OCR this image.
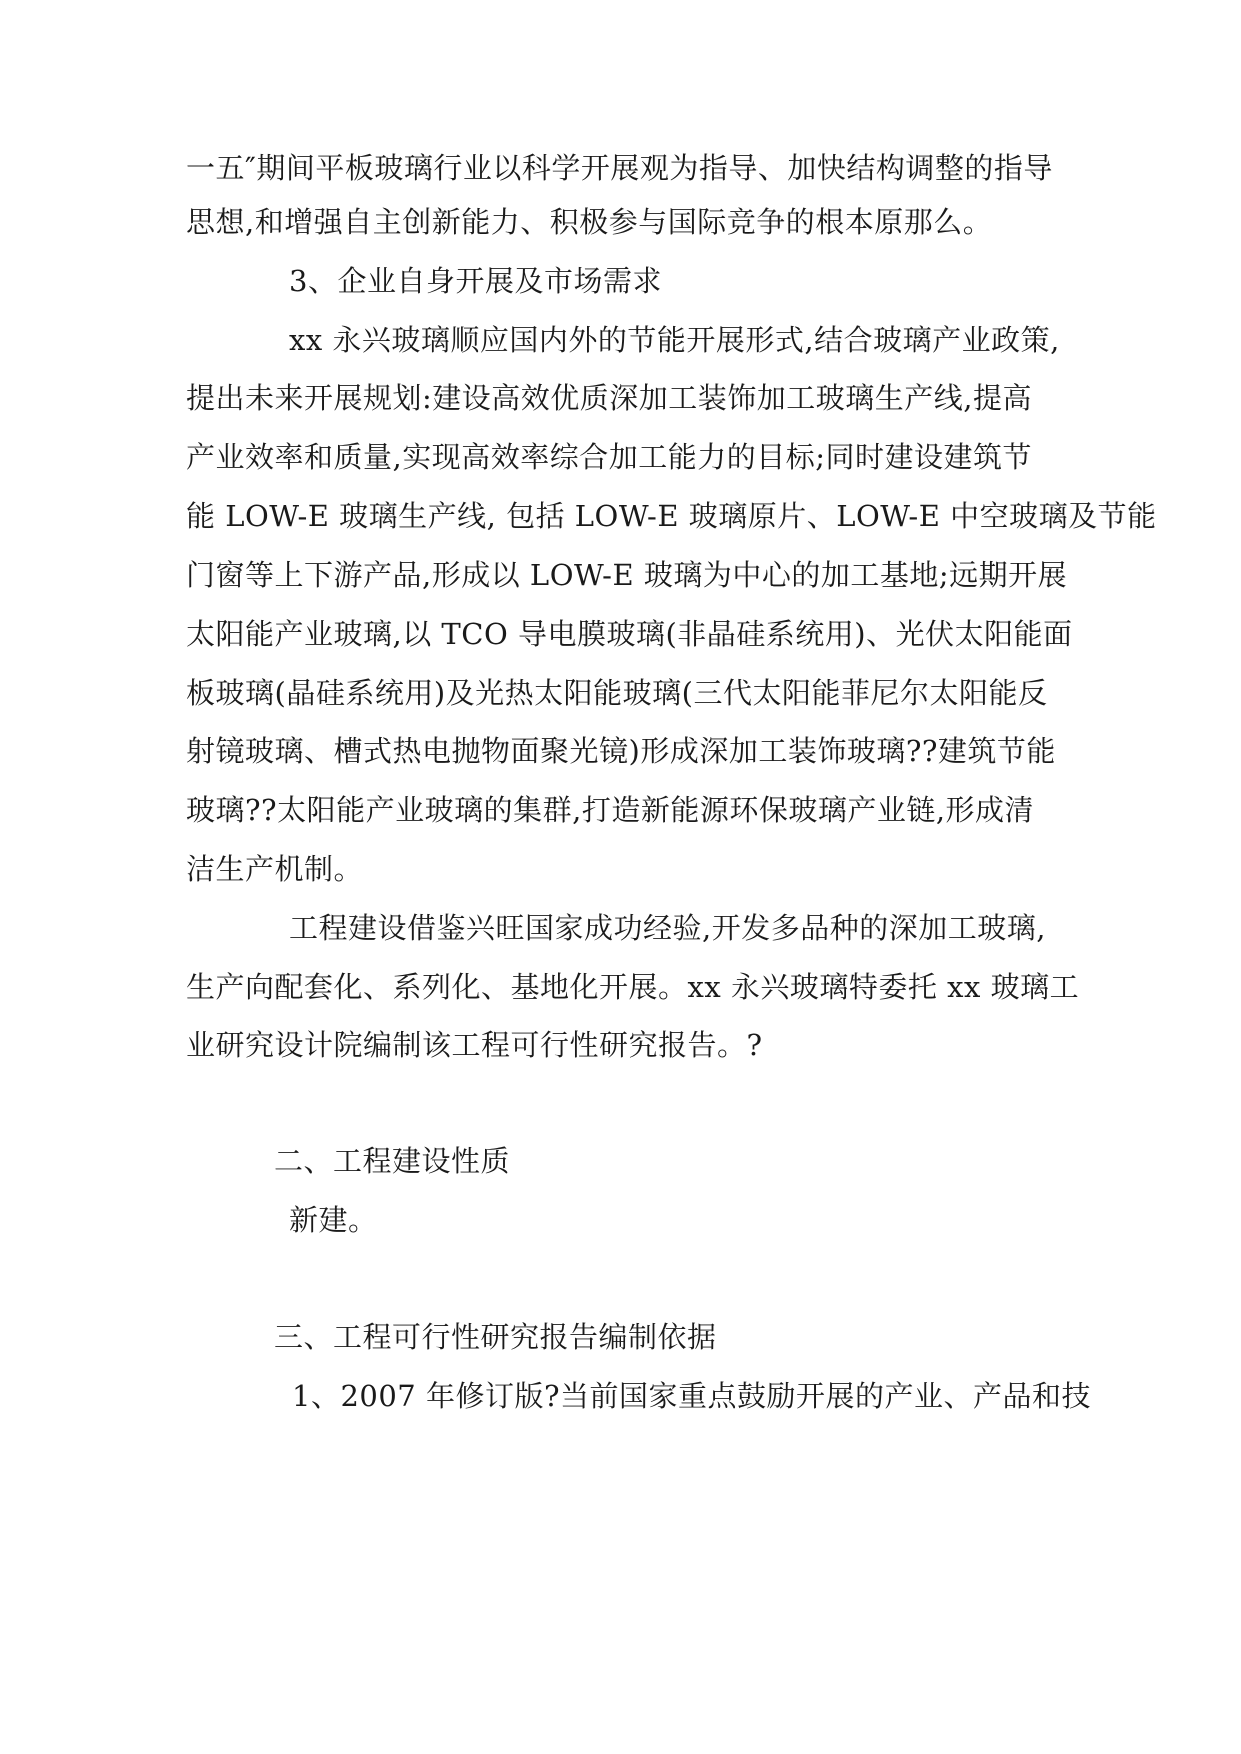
一五″期间平板玻璃行业以科学开展观为指导、加快结构调整的指导

思想,和增强自主创新能力、积极参与国际竞争的根本原那么。

3、企业自身开展及市场需求

xx 永兴玻璃顺应国内外的节能开展形式,结合玻璃产业政策,

提出未来开展规划:建设高效优质深加工装饰加工玻璃生产线,提高

产业效率和质量,实现高效率综合加工能力的目标;同时建设建筑节

能 LOW-E 玻璃生产线, 包括 LOW-E 玻璃原片、LOW-E 中空玻璃及节能

门窗等上下游产品,形成以 LOW-E 玻璃为中心的加工基地;远期开展

太阳能产业玻璃,以 TCO 导电膜玻璃(非晶硅系统用)、光伏太阳能面

板玻璃(晶硅系统用)及光热太阳能玻璃(三代太阳能菲尼尔太阳能反

射镜玻璃、槽式热电抛物面聚光镜)形成深加工装饰玻璃??建筑节能

玻璃??太阳能产业玻璃的集群,打造新能源环保玻璃产业链,形成清

洁生产机制。

工程建设借鉴兴旺国家成功经验,开发多品种的深加工玻璃,

生产向配套化、系列化、基地化开展。xx 永兴玻璃特委托 xx 玻璃工

业研究设计院编制该工程可行性研究报告。?

二、工程建设性质

新建。

三、工程可行性研究报告编制依据

1、2007 年修订版?当前国家重点鼓励开展的产业、产品和技
